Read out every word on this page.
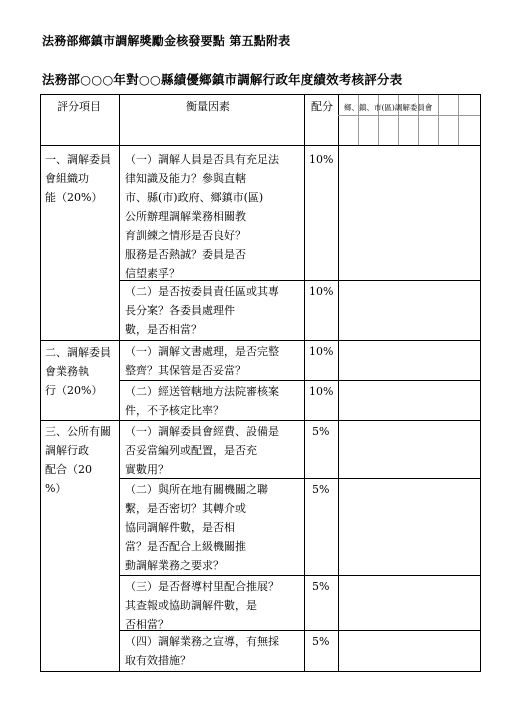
法務部鄉鎮市調解獎勵金核發要點 第五點附表
法務部○○○年對○○縣績優鄉鎮市調解行政年度績效考核評分表
評分項目	衡量因素	配分 鄉、鎮、市(區)調解委員會
一、調解委員
會組織功
能（20%）
二、調解委員
會業務執
行（20%）
三、公所有關
調解行政
配合（20
%）
（一）調解人員是否具有充足法
律知識及能力？參與直轄
市、縣(市)政府、鄉鎮市(區)
公所辦理調解業務相關教
育訓練之情形是否良好？
服務是否熱誠？委員是否
信望素孚？
（二）是否按委員責任區或其專
長分案？各委員處理件
數，是否相當？
（一）調解文書處理，是否完整
整齊？其保管是否妥當？
（二）經送管轄地方法院審核案
件，不予核定比率？
（一）調解委員會經費、設備是
否妥當編列或配置，是否充
實數用？
（二）與所在地有關機關之聯
繫，是否密切？其轉介或
協同調解件數，是否相
當？是否配合上級機關推
動調解業務之要求？
（三）是否督導村里配合推展？
其查報或協助調解件數，是
否相當？
（四）調解業務之宣導，有無採
取有效措施？
10%
10%
10%
10%
5%
5%
5%
5%
